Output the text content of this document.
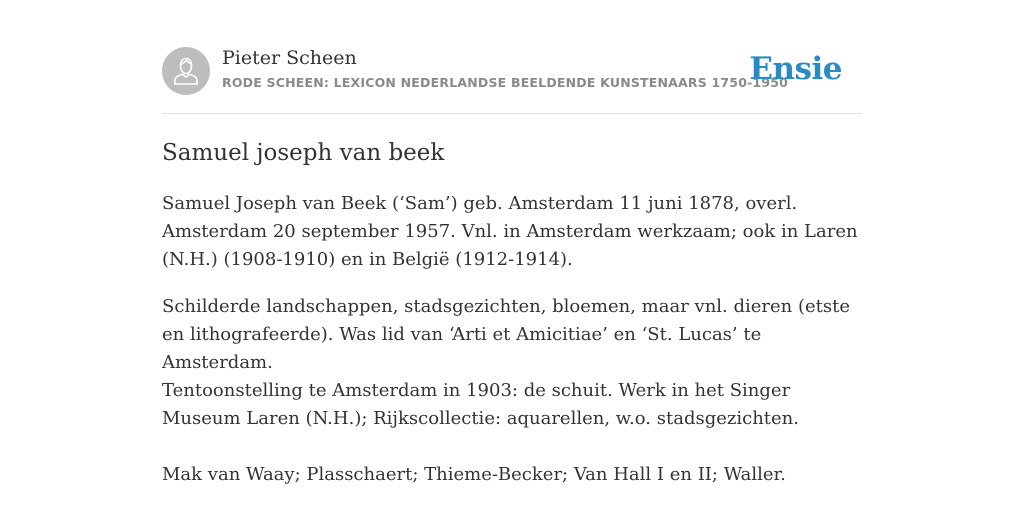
Pieter Scheen
RODE SCHEEN: LEXICON NEDERLANDSE BEELDENDE KUNSTENAARS 1750-1950
Ensie
Samuel joseph van beek

Samuel Joseph van Beek (‘Sam’) geb. Amsterdam 11 juni 1878, overl. Amsterdam 20 september 1957. Vnl. in Amsterdam werkzaam; ook in Laren (N.H.) (1908-1910) en in België (1912-1914).

Schilderde landschappen, stadsgezichten, bloemen, maar vnl. dieren (etste en lithografeerde). Was lid van ‘Arti et Amicitiae’ en ‘St. Lucas’ te Amsterdam.

Tentoonstelling te Amsterdam in 1903: de schuit. Werk in het Singer Museum Laren (N.H.); Rijkscollectie: aquarellen, w.o. stadsgezichten.

Mak van Waay; Plasschaert; Thieme-Becker; Van Hall I en II; Waller.
